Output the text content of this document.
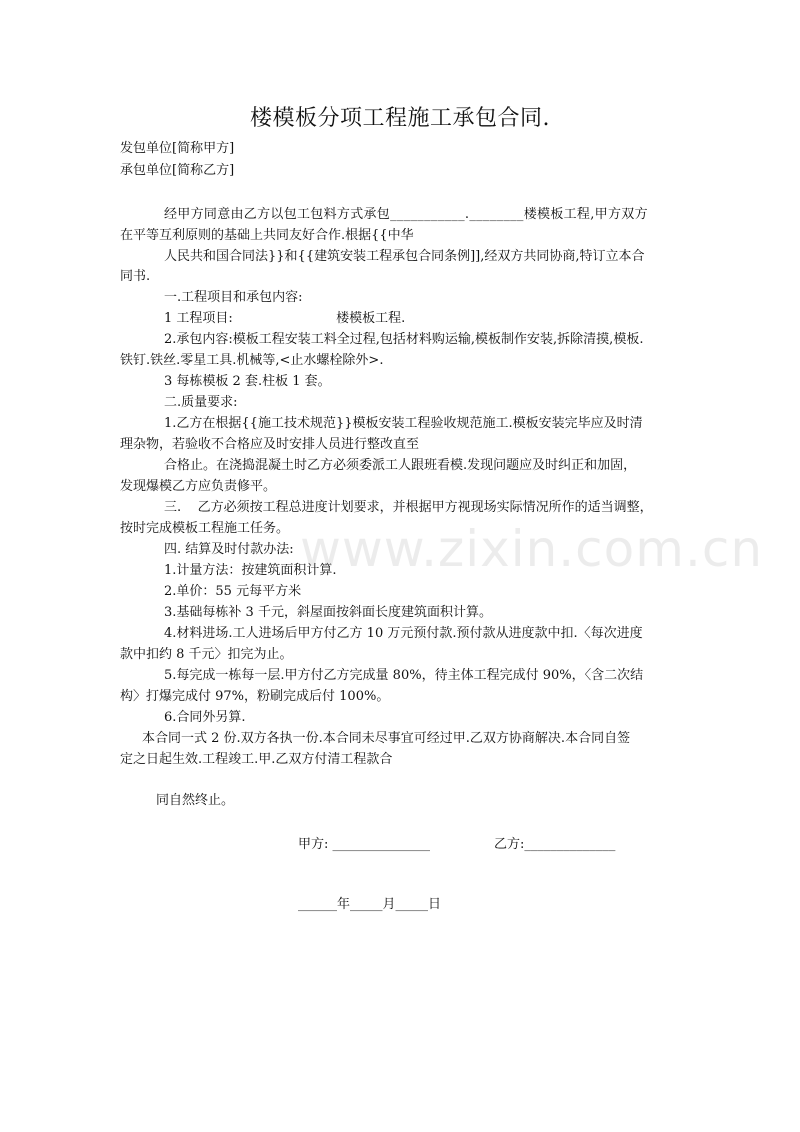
楼模板分项工程施工承包合同.
发包单位[简称甲方]
承包单位[简称乙方]
经甲方同意由乙方以包工包料方式承包___________.________楼模板工程,甲方双方
在平等互利原则的基础上共同友好合作.根据{{中华
人民共和国合同法}}和{{建筑安装工程承包合同条例]],经双方共同协商,特订立本合
同书.
一.工程项目和承包内容:
1 工程项目:                         楼模板工程.
2.承包内容:模板工程安装工料全过程,包括材料购运输,模板制作安装,拆除清摸,模板.
铁钉.铁丝.零星工具.机械等,<止水螺栓除外>.
3 每栋模板 2 套.柱板 1 套。
二.质量要求:
1.乙方在根据{{施工技术规范}}模板安装工程验收规范施工.模板安装完毕应及时清
理杂物，若验收不合格应及时安排人员进行整改直至
合格止。在浇捣混凝土时乙方必须委派工人跟班看模.发现问题应及时纠正和加固，
发现爆模乙方应负责修平。
三.    乙方必须按工程总进度计划要求，并根据甲方视现场实际情况所作的适当调整，
按时完成模板工程施工任务。
四. 结算及时付款办法:
1.计量方法：按建筑面积计算.
2.单价：55 元每平方米
3.基础每栋补 3 千元，斜屋面按斜面长度建筑面积计算。
4.材料进场.工人进场后甲方付乙方 10 万元预付款.预付款从进度款中扣.〈每次进度
款中扣约 8 千元〉扣完为止。
5.每完成一栋每一层.甲方付乙方完成量 80%，待主体工程完成付 90%，〈含二次结
构〉打爆完成付 97%，粉刷完成后付 100%。
6.合同外另算.
本合同一式 2 份.双方各执一份.本合同未尽事宜可经过甲.乙双方协商解决.本合同自签
定之日起生效.工程竣工.甲.乙双方付清工程款合
同自然终止。
甲方: _______________	乙方:______________
______年_____月_____日
www.zixin.com.cn
